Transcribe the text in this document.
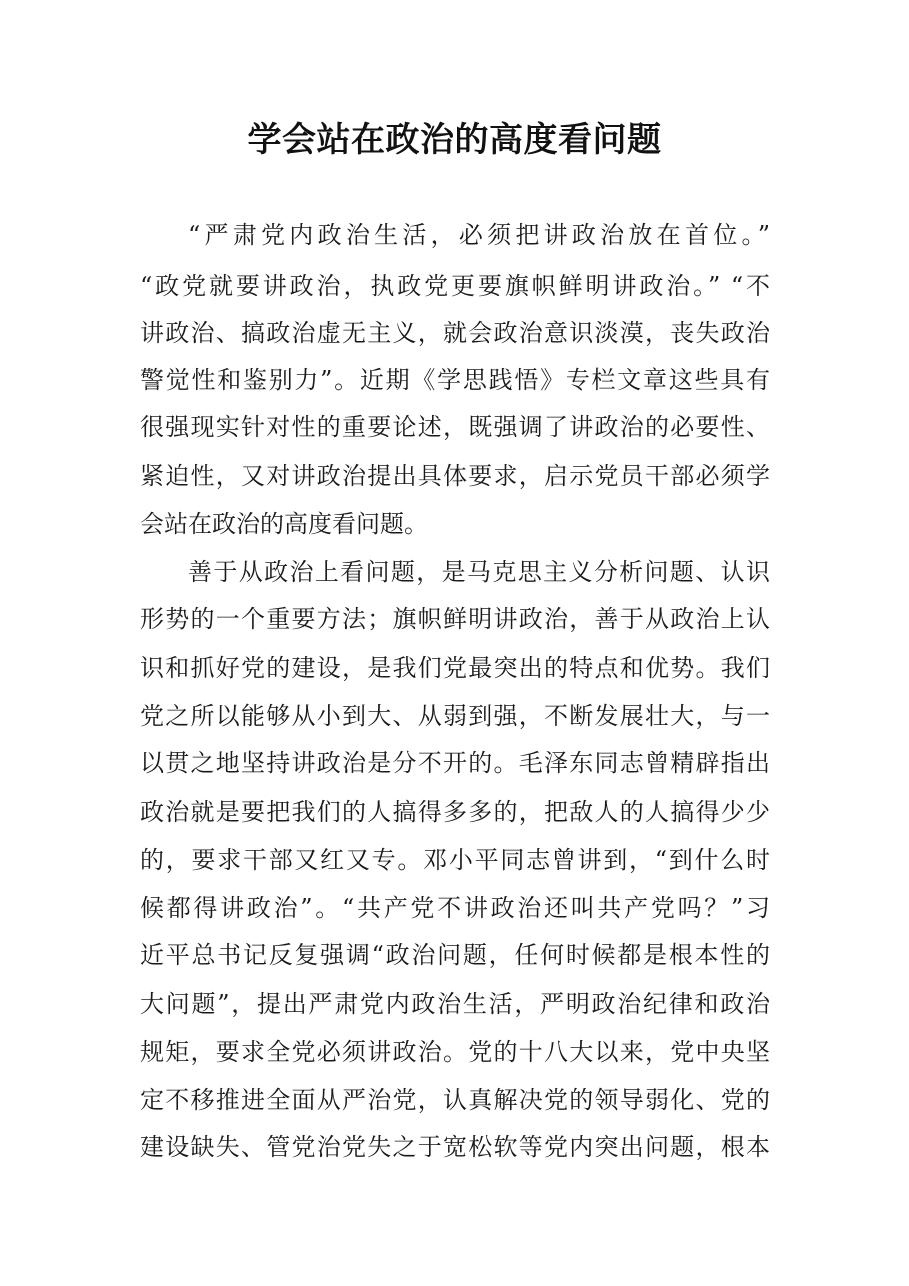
学会站在政治的高度看问题
“严肃党内政治生活，必须把讲政治放在首位。”
“政党就要讲政治，执政党更要旗帜鲜明讲政治。” “不
讲政治、搞政治虚无主义，就会政治意识淡漠，丧失政治
警觉性和鉴别力”。近期《学思践悟》专栏文章这些具有
很强现实针对性的重要论述，既强调了讲政治的必要性、
紧迫性，又对讲政治提出具体要求，启示党员干部必须学
会站在政治的高度看问题。
善于从政治上看问题，是马克思主义分析问题、认识
形势的一个重要方法；旗帜鲜明讲政治，善于从政治上认
识和抓好党的建设，是我们党最突出的特点和优势。我们
党之所以能够从小到大、从弱到强，不断发展壮大，与一
以贯之地坚持讲政治是分不开的。毛泽东同志曾精辟指出
政治就是要把我们的人搞得多多的，把敌人的人搞得少少
的，要求干部又红又专。邓小平同志曾讲到，“到什么时
候都得讲政治”。“共产党不讲政治还叫共产党吗？”习
近平总书记反复强调“政治问题，任何时候都是根本性的
大问题”，提出严肃党内政治生活，严明政治纪律和政治
规矩，要求全党必须讲政治。党的十八大以来，党中央坚
定不移推进全面从严治党，认真解决党的领导弱化、党的
建设缺失、管党治党失之于宽松软等党内突出问题，根本
